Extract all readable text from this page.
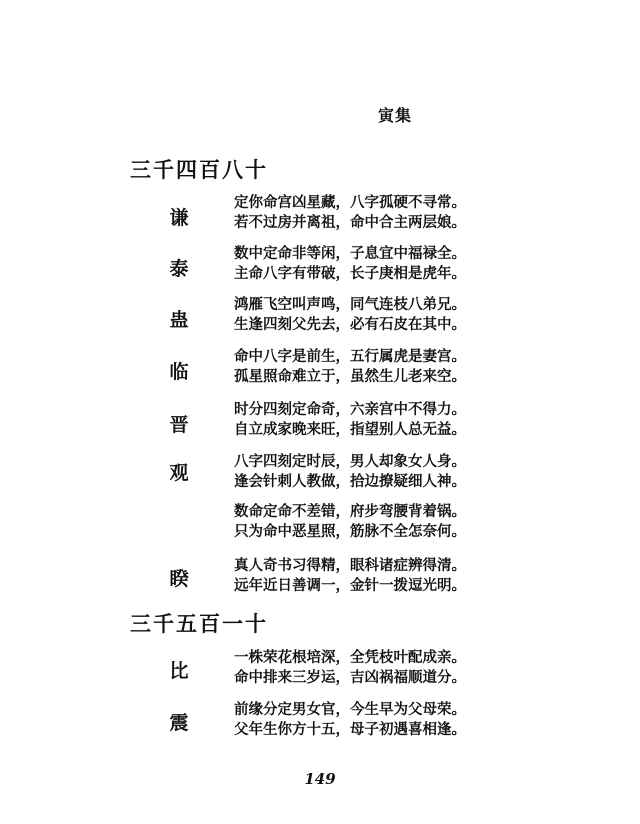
寅集
三千四百八十
谦
定你命宫凶星藏，八字孤硬不寻常。
若不过房并离祖，命中合主两层娘。
泰
数中定命非等闲，子息宜中福禄全。
主命八字有带破，长子庚相是虎年。
蛊
鸿雁飞空叫声鸣，同气连枝八弟兄。
生逢四刻父先去，必有石皮在其中。
临
命中八字是前生，五行属虎是妻宫。
孤星照命难立于，虽然生儿老来空。
晋
时分四刻定命奇，六亲宫中不得力。
自立成家晚来旺，指望别人总无益。
观
八字四刻定时辰，男人却象女人身。
逢会针刺人教做，拾边撩疑细人神。
数命定命不差错，府步弯腰背着锅。
只为命中恶星照，筋脉不全怎奈何。
睽
真人奇书习得精，眼科诸症辨得清。
远年近日善调一，金针一拨逗光明。
三千五百一十
比
一株荣花根培深，全凭枝叶配成亲。
命中排来三岁运，吉凶祸福顺道分。
震
前缘分定男女官，今生早为父母荣。
父年生你方十五，母子初遇喜相逢。
149
